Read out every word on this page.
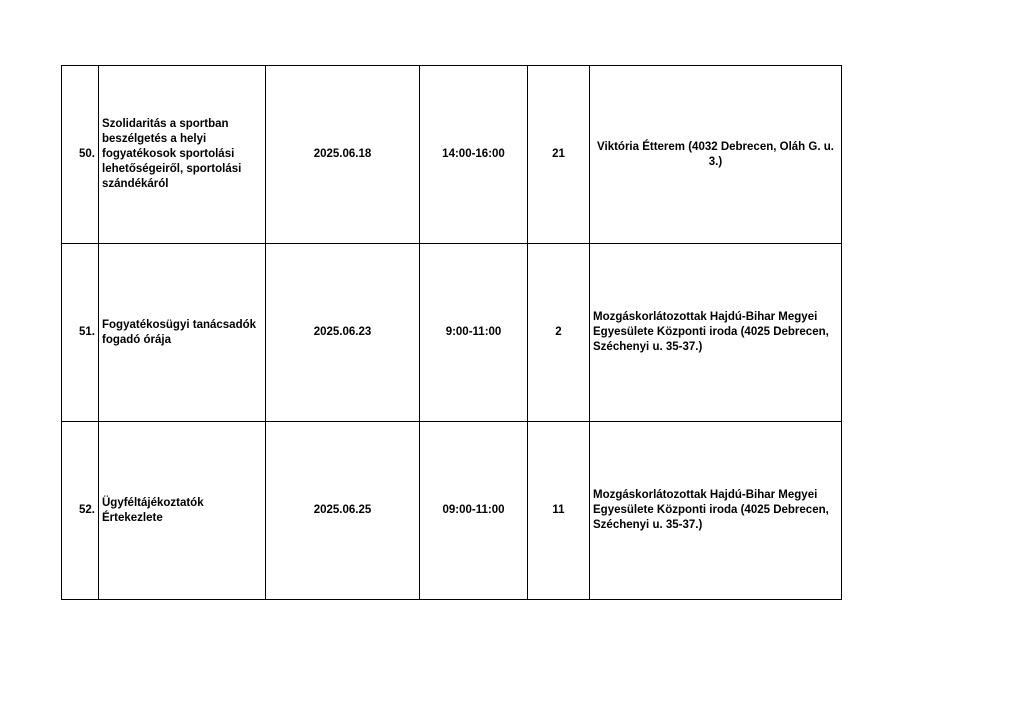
50.	Szolidaritás a sportban beszélgetés a helyi fogyatékosok sportolási lehetőségeiről, sportolási szándékáról	2025.06.18	14:00-16:00	21	Viktória Étterem (4032 Debrecen, Oláh G. u. 3.)

51.	Fogyatékosügyi tanácsadók fogadó órája	2025.06.23	9:00-11:00	2	Mozgáskorlátozottak Hajdú-Bihar Megyei Egyesülete Központi iroda (4025 Debrecen, Széchenyi u. 35-37.)

52.	Ügyféltájékoztatók Értekezlete	2025.06.25	09:00-11:00	11	Mozgáskorlátozottak Hajdú-Bihar Megyei Egyesülete Központi iroda (4025 Debrecen, Széchenyi u. 35-37.)
